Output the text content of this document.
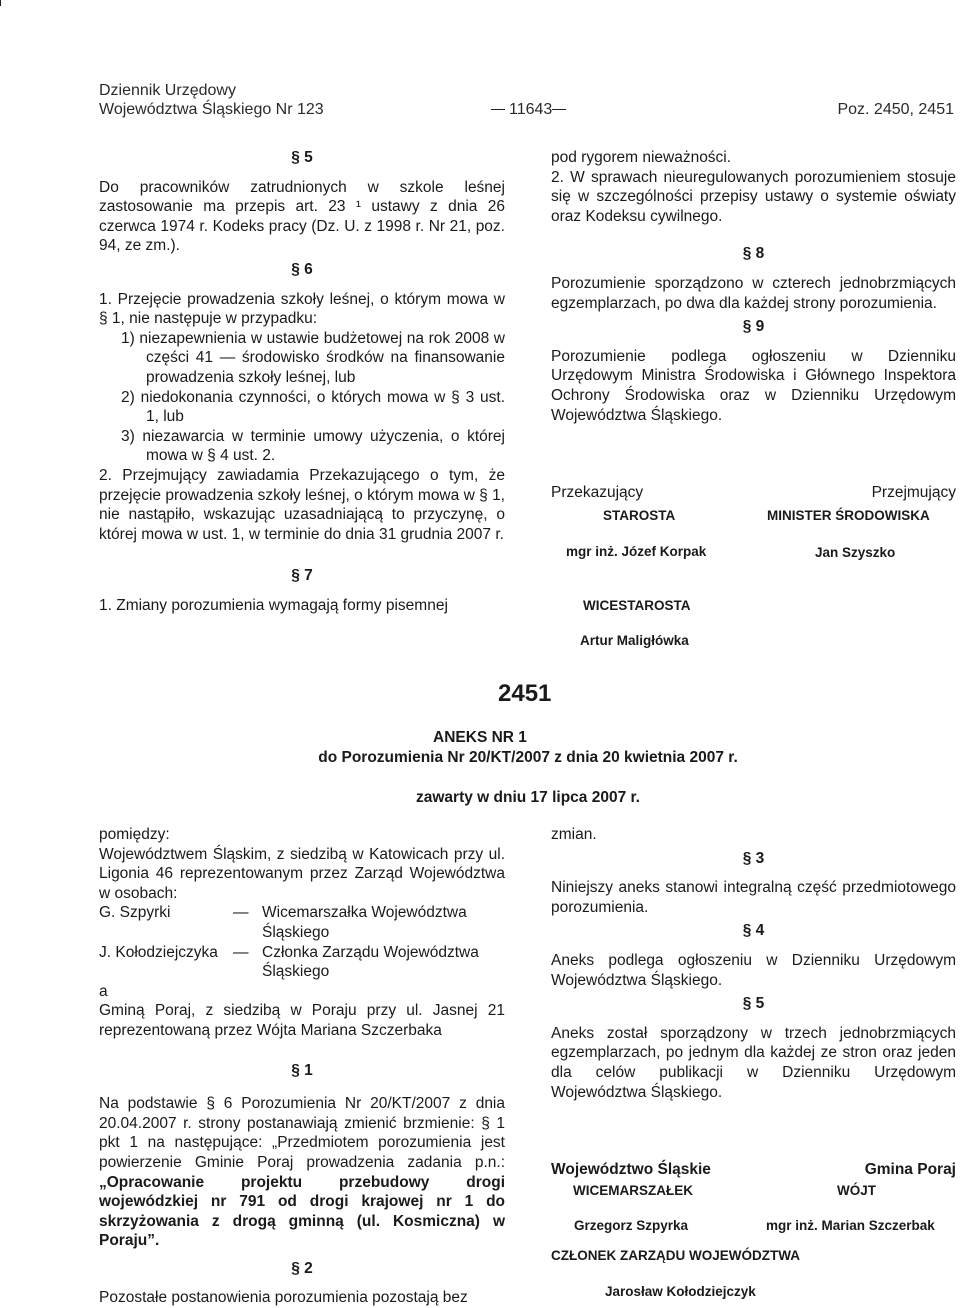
Dziennik Urzędowy
Województwa Śląskiego Nr 123	11643	Poz. 2450, 2451
§ 5

Do pracowników zatrudnionych w szkole leśnej zastosowanie ma przepis art. 23 ¹ ustawy z dnia 26 czerwca 1974 r. Kodeks pracy (Dz. U. z 1998 r. Nr 21, poz. 94, ze zm.).

§ 6

1. Przejęcie prowadzenia szkoły leśnej, o którym mowa w § 1, nie następuje w przypadku:

1) niezapewnienia w ustawie budżetowej na rok 2008 w części 41 — środowisko środków na finansowanie prowadzenia szkoły leśnej, lub

2) niedokonania czynności, o których mowa w § 3 ust. 1, lub

3) niezawarcia w terminie umowy użyczenia, o której mowa w § 4 ust. 2.

2. Przejmujący zawiadamia Przekazującego o tym, że przejęcie prowadzenia szkoły leśnej, o którym mowa w § 1, nie nastąpiło, wskazując uzasadniającą to przyczynę, o której mowa w ust. 1, w terminie do dnia 31 grudnia 2007 r.

§ 7

1. Zmiany porozumienia wymagają formy pisemnej

pod rygorem nieważności.

2. W sprawach nieuregulowanych porozumieniem stosuje się w szczególności przepisy ustawy o systemie oświaty oraz Kodeksu cywilnego.

§ 8

Porozumienie sporządzono w czterech jednobrzmiących egzemplarzach, po dwa dla każdej strony porozumienia.

§ 9

Porozumienie podlega ogłoszeniu w Dzienniku Urzędowym Ministra Środowiska i Głównego Inspektora Ochrony Środowiska oraz w Dzienniku Urzędowym Województwa Śląskiego.

Przekazujący	Przejmujący
STAROSTA	MINISTER ŚRODOWISKA
mgr inż. Józef Korpak	Jan Szyszko
WICESTAROSTA
Artur Maligłówka
2451
ANEKS NR 1
do Porozumienia Nr 20/KT/2007 z dnia 20 kwietnia 2007 r.
zawarty w dniu 17 lipca 2007 r.

pomiędzy:

Województwem Śląskim, z siedzibą w Katowicach przy ul. Ligonia 46 reprezentowanym przez Zarząd Województwa w osobach:

G. Szpyrki	— Wicemarszałka Województwa Śląskiego
J. Kołodziejczyka — Członka Zarządu Województwa Śląskiego

a

Gminą Poraj, z siedzibą w Poraju przy ul. Jasnej 21 reprezentowaną przez Wójta Mariana Szczerbaka

§ 1

Na podstawie § 6 Porozumienia Nr 20/KT/2007 z dnia 20.04.2007 r. strony postanawiają zmienić brzmienie: § 1 pkt 1 na następujące: „Przedmiotem porozumienia jest powierzenie Gminie Poraj prowadzenia zadania p.n.: „Opracowanie projektu przebudowy drogi wojewódzkiej nr 791 od drogi krajowej nr 1 do skrzyżowania z drogą gminną (ul. Kosmiczna) w Poraju”.

§ 2

Pozostałe postanowienia porozumienia pozostają bez

zmian.

§ 3

Niniejszy aneks stanowi integralną część przedmiotowego porozumienia.

§ 4

Aneks podlega ogłoszeniu w Dzienniku Urzędowym Województwa Śląskiego.

§ 5

Aneks został sporządzony w trzech jednobrzmiących egzemplarzach, po jednym dla każdej ze stron oraz jeden dla celów publikacji w Dzienniku Urzędowym Województwa Śląskiego.

Województwo Śląskie	Gmina Poraj
WICEMARSZAŁEK	WÓJT
Grzegorz Szpyrka	mgr inż. Marian Szczerbak
CZŁONEK ZARZĄDU WOJEWÓDZTWA
Jarosław Kołodziejczyk
